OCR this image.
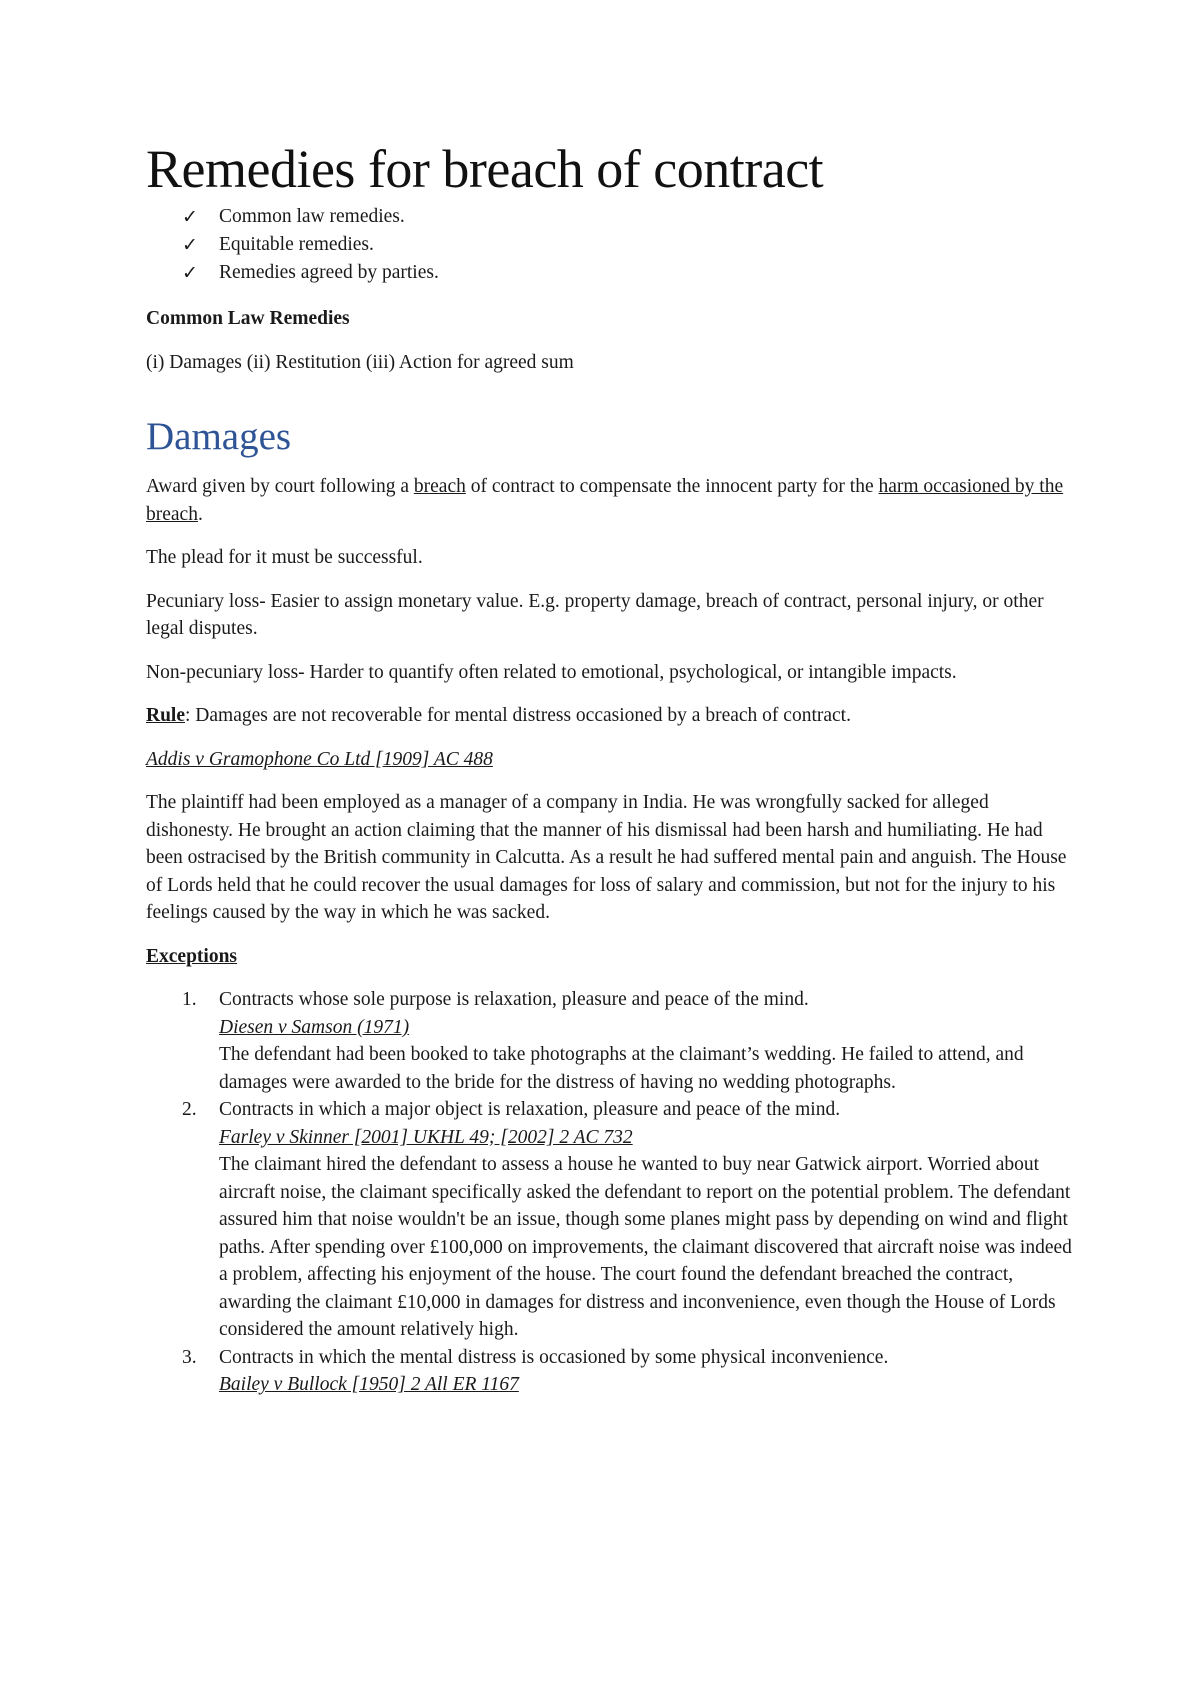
Remedies for breach of contract
✓ Common law remedies.
✓ Equitable remedies.
✓ Remedies agreed by parties.

Common Law Remedies

(i) Damages (ii) Restitution (iii) Action for agreed sum

Damages

Award given by court following a breach of contract to compensate the innocent party for the harm occasioned by the breach.

The plead for it must be successful.

Pecuniary loss- Easier to assign monetary value. E.g. property damage, breach of contract, personal injury, or other legal disputes.

Non-pecuniary loss- Harder to quantify often related to emotional, psychological, or intangible impacts.

Rule: Damages are not recoverable for mental distress occasioned by a breach of contract.

Addis v Gramophone Co Ltd [1909] AC 488

The plaintiff had been employed as a manager of a company in India. He was wrongfully sacked for alleged dishonesty. He brought an action claiming that the manner of his dismissal had been harsh and humiliating. He had been ostracised by the British community in Calcutta. As a result he had suffered mental pain and anguish. The House of Lords held that he could recover the usual damages for loss of salary and commission, but not for the injury to his feelings caused by the way in which he was sacked.

Exceptions

1. Contracts whose sole purpose is relaxation, pleasure and peace of the mind.
Diesen v Samson (1971)
The defendant had been booked to take photographs at the claimant’s wedding. He failed to attend, and damages were awarded to the bride for the distress of having no wedding photographs.
2. Contracts in which a major object is relaxation, pleasure and peace of the mind.
Farley v Skinner [2001] UKHL 49; [2002] 2 AC 732
The claimant hired the defendant to assess a house he wanted to buy near Gatwick airport. Worried about aircraft noise, the claimant specifically asked the defendant to report on the potential problem. The defendant assured him that noise wouldn't be an issue, though some planes might pass by depending on wind and flight paths. After spending over £100,000 on improvements, the claimant discovered that aircraft noise was indeed a problem, affecting his enjoyment of the house. The court found the defendant breached the contract, awarding the claimant £10,000 in damages for distress and inconvenience, even though the House of Lords considered the amount relatively high.
3. Contracts in which the mental distress is occasioned by some physical inconvenience.
Bailey v Bullock [1950] 2 All ER 1167
